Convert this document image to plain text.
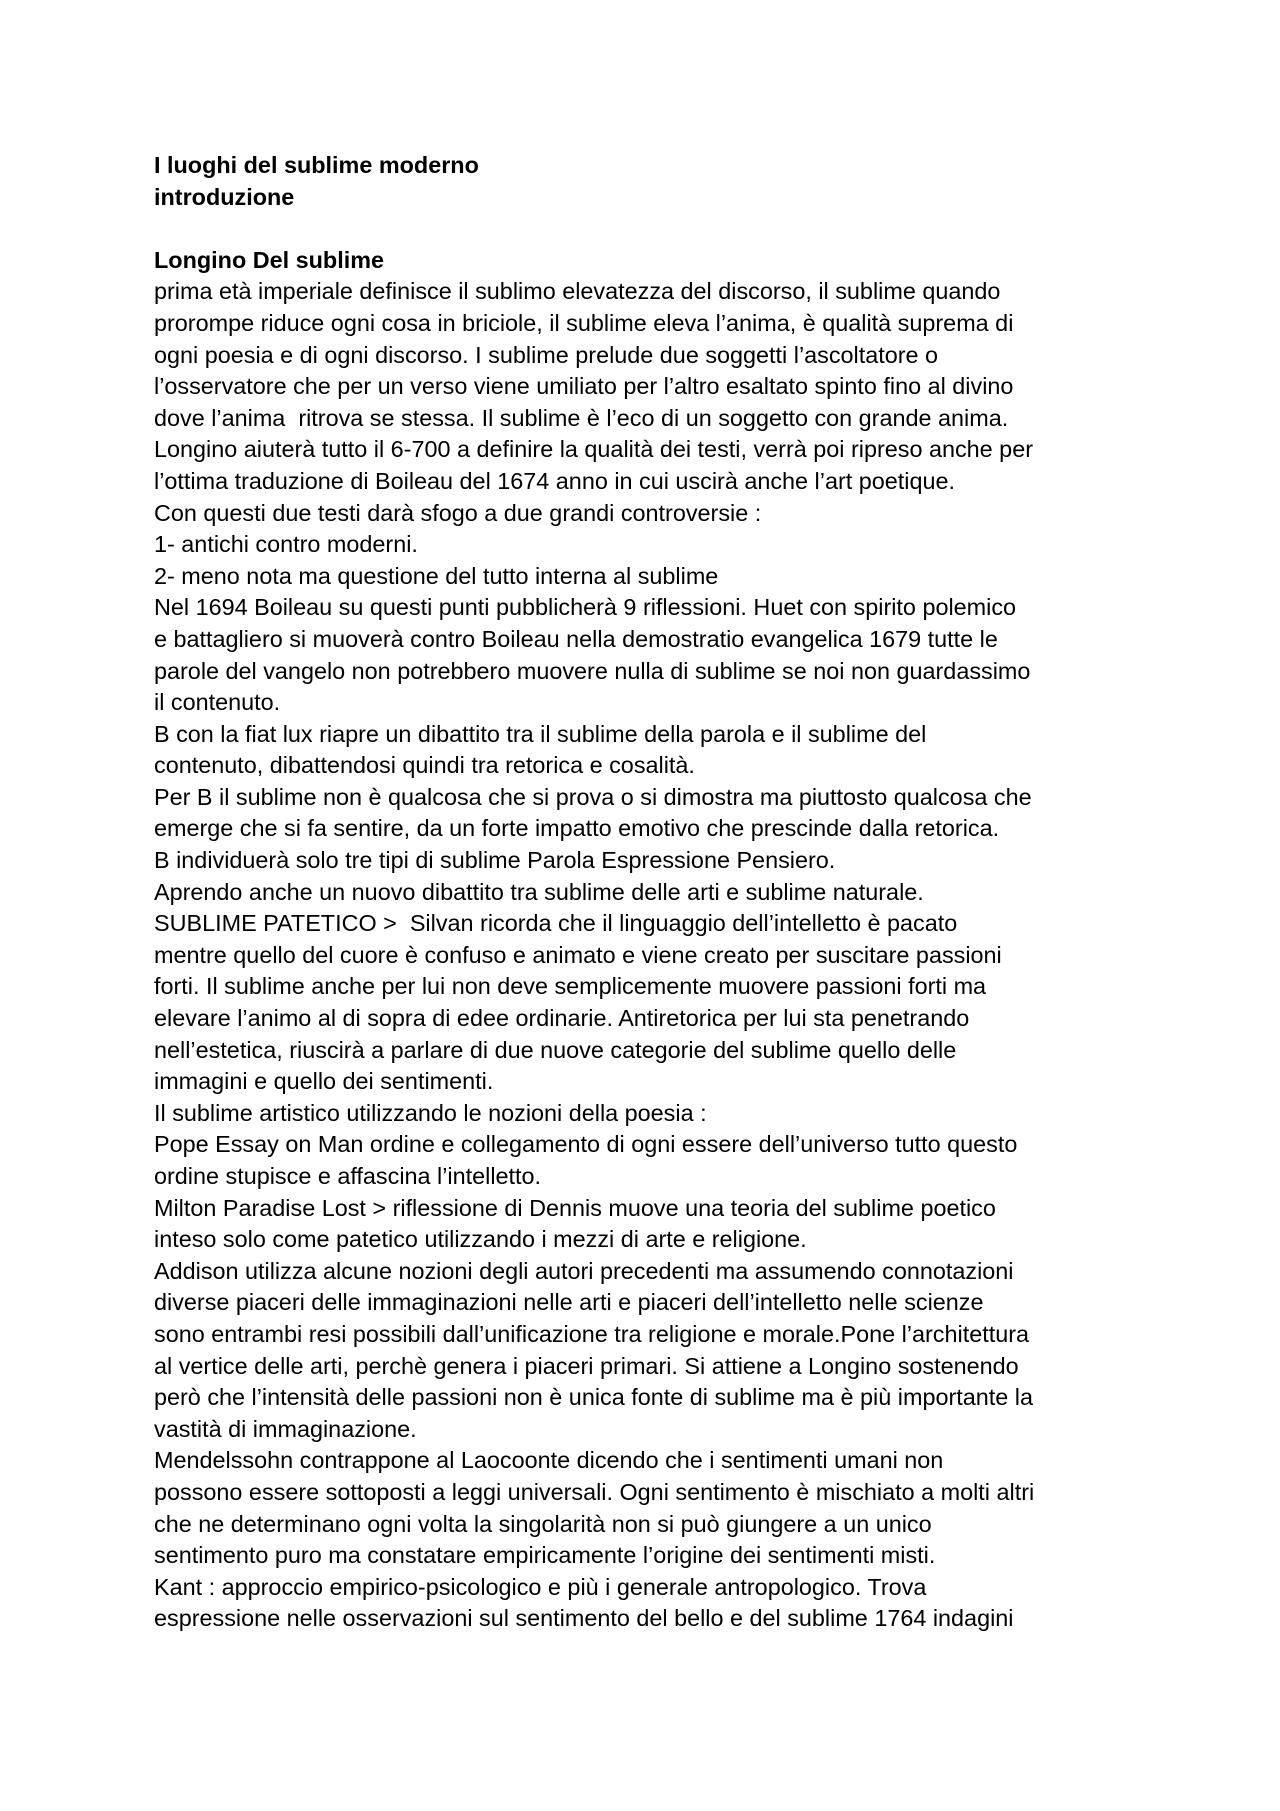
I luoghi del sublime moderno
introduzione
Longino Del sublime
prima età imperiale definisce il sublimo elevatezza del discorso, il sublime quando
prorompe riduce ogni cosa in briciole, il sublime eleva l’anima, è qualità suprema di
ogni poesia e di ogni discorso. I sublime prelude due soggetti l’ascoltatore o
l’osservatore che per un verso viene umiliato per l’altro esaltato spinto fino al divino
dove l’anima  ritrova se stessa. Il sublime è l’eco di un soggetto con grande anima.
Longino aiuterà tutto il 6-700 a definire la qualità dei testi, verrà poi ripreso anche per
l’ottima traduzione di Boileau del 1674 anno in cui uscirà anche l’art poetique.
Con questi due testi darà sfogo a due grandi controversie :
1- antichi contro moderni.
2- meno nota ma questione del tutto interna al sublime
Nel 1694 Boileau su questi punti pubblicherà 9 riflessioni. Huet con spirito polemico
e battagliero si muoverà contro Boileau nella demostratio evangelica 1679 tutte le
parole del vangelo non potrebbero muovere nulla di sublime se noi non guardassimo
il contenuto.
B con la fiat lux riapre un dibattito tra il sublime della parola e il sublime del
contenuto, dibattendosi quindi tra retorica e cosalità.
Per B il sublime non è qualcosa che si prova o si dimostra ma piuttosto qualcosa che
emerge che si fa sentire, da un forte impatto emotivo che prescinde dalla retorica.
B individuerà solo tre tipi di sublime Parola Espressione Pensiero.
Aprendo anche un nuovo dibattito tra sublime delle arti e sublime naturale.
SUBLIME PATETICO >  Silvan ricorda che il linguaggio dell’intelletto è pacato
mentre quello del cuore è confuso e animato e viene creato per suscitare passioni
forti. Il sublime anche per lui non deve semplicemente muovere passioni forti ma
elevare l’animo al di sopra di edee ordinarie. Antiretorica per lui sta penetrando
nell’estetica, riuscirà a parlare di due nuove categorie del sublime quello delle
immagini e quello dei sentimenti.
Il sublime artistico utilizzando le nozioni della poesia :
Pope Essay on Man ordine e collegamento di ogni essere dell’universo tutto questo
ordine stupisce e affascina l’intelletto.
Milton Paradise Lost > riflessione di Dennis muove una teoria del sublime poetico
inteso solo come patetico utilizzando i mezzi di arte e religione.
Addison utilizza alcune nozioni degli autori precedenti ma assumendo connotazioni
diverse piaceri delle immaginazioni nelle arti e piaceri dell’intelletto nelle scienze
sono entrambi resi possibili dall’unificazione tra religione e morale.Pone l’architettura
al vertice delle arti, perchè genera i piaceri primari. Si attiene a Longino sostenendo
però che l’intensità delle passioni non è unica fonte di sublime ma è più importante la
vastità di immaginazione.
Mendelssohn contrappone al Laocoonte dicendo che i sentimenti umani non
possono essere sottoposti a leggi universali. Ogni sentimento è mischiato a molti altri
che ne determinano ogni volta la singolarità non si può giungere a un unico
sentimento puro ma constatare empiricamente l’origine dei sentimenti misti.
Kant : approccio empirico-psicologico e più i generale antropologico. Trova
espressione nelle osservazioni sul sentimento del bello e del sublime 1764 indagini
